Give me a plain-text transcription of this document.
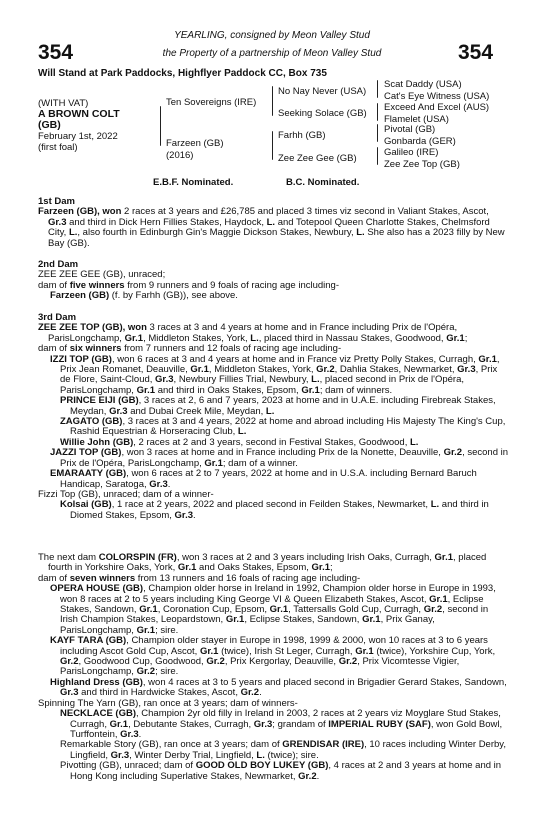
354	354
YEARLING, consigned by Meon Valley Stud
the Property of a partnership of Meon Valley Stud
Will Stand at Park Paddocks, Highflyer Paddock CC, Box 735
(WITH VAT)
A BROWN COLT
(GB)
February 1st, 2022
(first foal)
Ten Sovereigns (IRE)
No Nay Never (USA)
Seeking Solace (GB)
Scat Daddy (USA)
Cat's Eye Witness (USA)
Exceed And Excel (AUS)
Flamelet (USA)
Farzeen (GB)
(2016)
Farhh (GB)
Zee Zee Gee (GB)
Pivotal (GB)
Gonbarda (GER)
Galileo (IRE)
Zee Zee Top (GB)
E.B.F. Nominated.	B.C. Nominated.

1st Dam

Farzeen (GB), won 2 races at 3 years and £26,785 and placed 3 times viz second in Valiant Stakes, Ascot, Gr.3 and third in Dick Hern Fillies Stakes, Haydock, L. and Totepool Queen Charlotte Stakes, Chelmsford City, L., also fourth in Edinburgh Gin's Maggie Dickson Stakes, Newbury, L. She also has a 2023 filly by New Bay (GB).

2nd Dam

ZEE ZEE GEE (GB), unraced;

dam of five winners from 9 runners and 9 foals of racing age including-

Farzeen (GB) (f. by Farhh (GB)), see above.

3rd Dam

ZEE ZEE TOP (GB), won 3 races at 3 and 4 years at home and in France including Prix de l'Opéra, ParisLongchamp, Gr.1, Middleton Stakes, York, L., placed third in Nassau Stakes, Goodwood, Gr.1;

dam of six winners from 7 runners and 12 foals of racing age including-

IZZI TOP (GB), won 6 races at 3 and 4 years at home and in France viz Pretty Polly Stakes, Curragh, Gr.1, Prix Jean Romanet, Deauville, Gr.1, Middleton Stakes, York, Gr.2, Dahlia Stakes, Newmarket, Gr.3, Prix de Flore, Saint-Cloud, Gr.3, Newbury Fillies Trial, Newbury, L., placed second in Prix de l'Opéra, ParisLongchamp, Gr.1 and third in Oaks Stakes, Epsom, Gr.1; dam of winners.

PRINCE EIJI (GB), 3 races at 2, 6 and 7 years, 2023 at home and in U.A.E. including Firebreak Stakes, Meydan, Gr.3 and Dubai Creek Mile, Meydan, L.

ZAGATO (GB), 3 races at 3 and 4 years, 2022 at home and abroad including His Majesty The King's Cup, Rashid Equestrian & Horseracing Club, L.

Willie John (GB), 2 races at 2 and 3 years, second in Festival Stakes, Goodwood, L.

JAZZI TOP (GB), won 3 races at home and in France including Prix de la Nonette, Deauville, Gr.2, second in Prix de l'Opéra, ParisLongchamp, Gr.1; dam of a winner.

EMARAATY (GB), won 6 races at 2 to 7 years, 2022 at home and in U.S.A. including Bernard Baruch Handicap, Saratoga, Gr.3.

Fizzi Top (GB), unraced; dam of a winner-

Kolsai (GB), 1 race at 2 years, 2022 and placed second in Feilden Stakes, Newmarket, L. and third in Diomed Stakes, Epsom, Gr.3.

The next dam COLORSPIN (FR), won 3 races at 2 and 3 years including Irish Oaks, Curragh, Gr.1, placed fourth in Yorkshire Oaks, York, Gr.1 and Oaks Stakes, Epsom, Gr.1;

dam of seven winners from 13 runners and 16 foals of racing age including-

OPERA HOUSE (GB), Champion older horse in Ireland in 1992, Champion older horse in Europe in 1993, won 8 races at 2 to 5 years including King George VI & Queen Elizabeth Stakes, Ascot, Gr.1, Eclipse Stakes, Sandown, Gr.1, Coronation Cup, Epsom, Gr.1, Tattersalls Gold Cup, Curragh, Gr.2, second in Irish Champion Stakes, Leopardstown, Gr.1, Eclipse Stakes, Sandown, Gr.1, Prix Ganay, ParisLongchamp, Gr.1; sire.

KAYF TARA (GB), Champion older stayer in Europe in 1998, 1999 & 2000, won 10 races at 3 to 6 years including Ascot Gold Cup, Ascot, Gr.1 (twice), Irish St Leger, Curragh, Gr.1 (twice), Yorkshire Cup, York, Gr.2, Goodwood Cup, Goodwood, Gr.2, Prix Kergorlay, Deauville, Gr.2, Prix Vicomtesse Vigier, ParisLongchamp, Gr.2; sire.

Highland Dress (GB), won 4 races at 3 to 5 years and placed second in Brigadier Gerard Stakes, Sandown, Gr.3 and third in Hardwicke Stakes, Ascot, Gr.2.

Spinning The Yarn (GB), ran once at 3 years; dam of winners-

NECKLACE (GB), Champion 2yr old filly in Ireland in 2003, 2 races at 2 years viz Moyglare Stud Stakes, Curragh, Gr.1, Debutante Stakes, Curragh, Gr.3; grandam of IMPERIAL RUBY (SAF), won Gold Bowl, Turffontein, Gr.3.

Remarkable Story (GB), ran once at 3 years; dam of GRENDISAR (IRE), 10 races including Winter Derby, Lingfield, Gr.3, Winter Derby Trial, Lingfield, L. (twice); sire.

Pivotting (GB), unraced; dam of GOOD OLD BOY LUKEY (GB), 4 races at 2 and 3 years at home and in Hong Kong including Superlative Stakes, Newmarket, Gr.2.
